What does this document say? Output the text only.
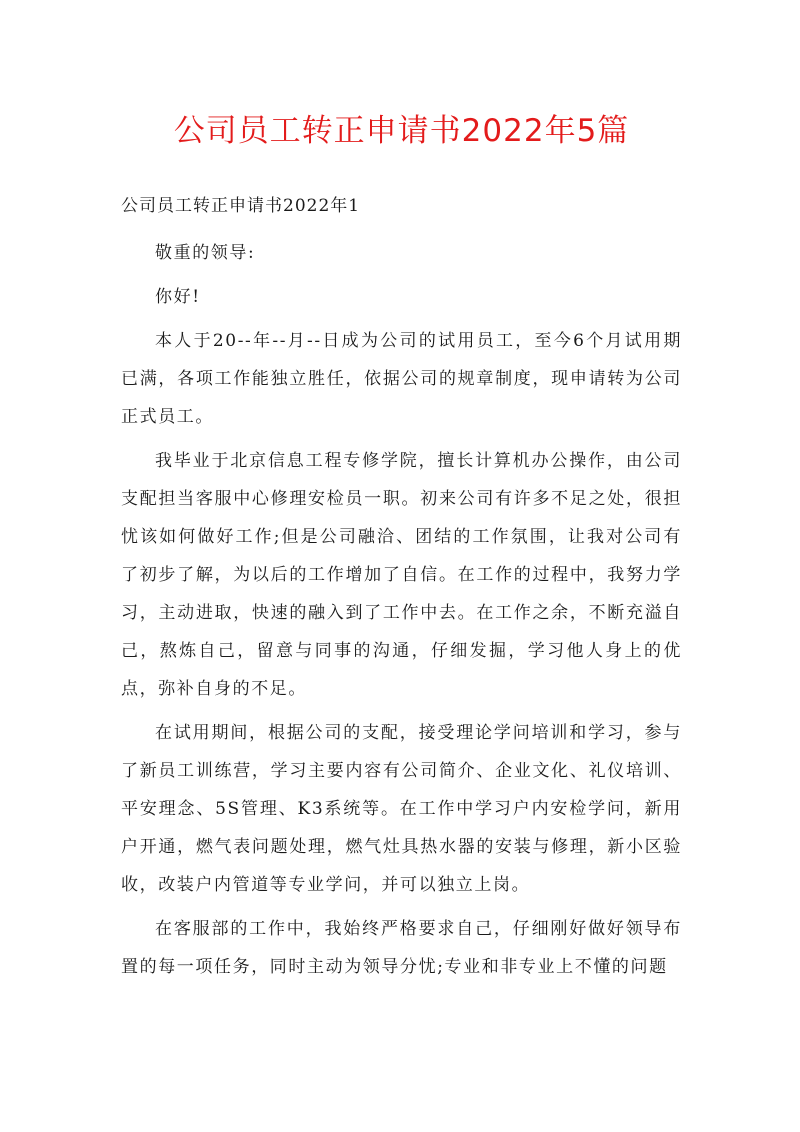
公司员工转正申请书2022年5篇

公司员工转正申请书2022年1

敬重的领导:

你好!

本人于20--年--月--日成为公司的试用员工，至今6个月试用期已满，各项工作能独立胜任，依据公司的规章制度，现申请转为公司正式员工。

我毕业于北京信息工程专修学院，擅长计算机办公操作，由公司支配担当客服中心修理安检员一职。初来公司有许多不足之处，很担忧该如何做好工作;但是公司融洽、团结的工作氛围，让我对公司有了初步了解，为以后的工作增加了自信。在工作的过程中，我努力学习，主动进取，快速的融入到了工作中去。在工作之余，不断充溢自己，熬炼自己，留意与同事的沟通，仔细发掘，学习他人身上的优点，弥补自身的不足。

在试用期间，根据公司的支配，接受理论学问培训和学习，参与了新员工训练营，学习主要内容有公司简介、企业文化、礼仪培训、平安理念、5S管理、K3系统等。在工作中学习户内安检学问，新用户开通，燃气表问题处理，燃气灶具热水器的安装与修理，新小区验收，改装户内管道等专业学问，并可以独立上岗。

在客服部的工作中，我始终严格要求自己，仔细刚好做好领导布置的每一项任务，同时主动为领导分忧;专业和非专业上不懂的问题
